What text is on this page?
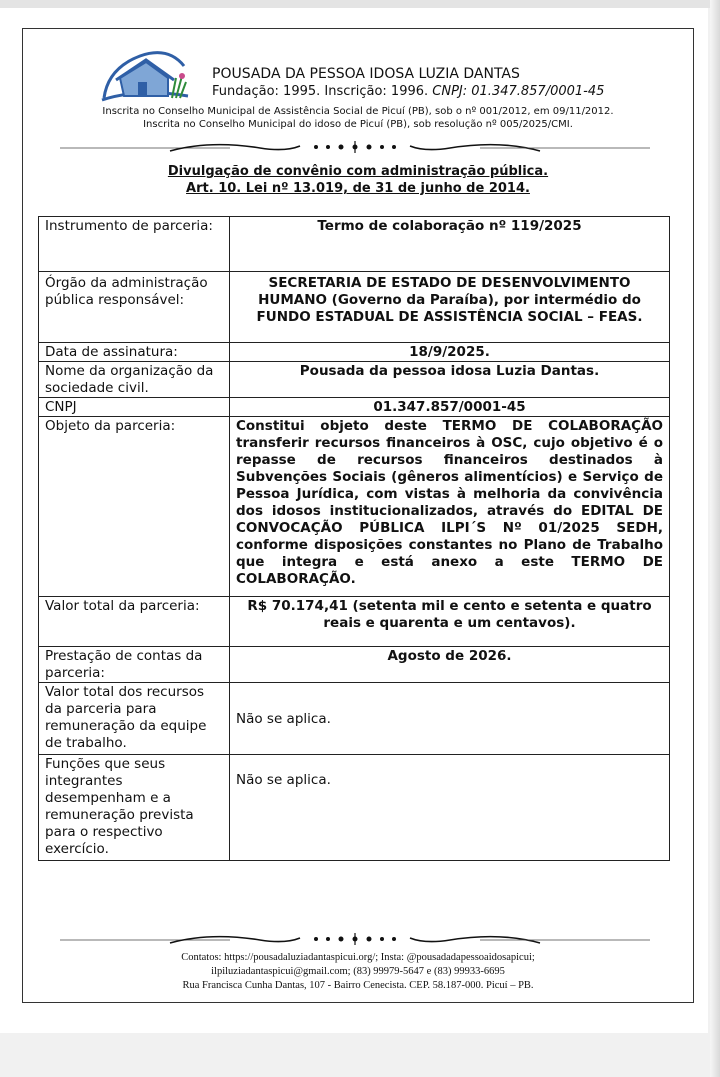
POUSADA DA PESSOA IDOSA LUZIA DANTAS
Fundação: 1995. Inscrição: 1996. CNPJ: 01.347.857/0001-45
Inscrita no Conselho Municipal de Assistência Social de Picuí (PB), sob o nº 001/2012, em 09/11/2012.
Inscrita no Conselho Municipal do idoso de Picuí (PB), sob resolução nº 005/2025/CMI.
Divulgação de convênio com administração pública.
Art. 10. Lei nº 13.019, de 31 de junho de 2014.
Instrumento de parceria:	Termo de colaboração nº 119/2025
Órgão da administração pública responsável:	SECRETARIA DE ESTADO DE DESENVOLVIMENTO HUMANO (Governo da Paraíba), por intermédio do FUNDO ESTADUAL DE ASSISTÊNCIA SOCIAL – FEAS.
Data de assinatura:	18/9/2025.
Nome da organização da sociedade civil.	Pousada da pessoa idosa Luzia Dantas.
CNPJ	01.347.857/0001-45
Objeto da parceria:	Constitui objeto deste TERMO DE COLABORAÇÃO transferir recursos financeiros à OSC, cujo objetivo é o repasse de recursos financeiros destinados à Subvenções Sociais (gêneros alimentícios) e Serviço de Pessoa Jurídica, com vistas à melhoria da convivência dos idosos institucionalizados, através do EDITAL DE CONVOCAÇÃO PÚBLICA ILPI´S Nº 01/2025 SEDH, conforme disposições constantes no Plano de Trabalho que integra e está anexo a este TERMO DE COLABORAÇÃO.
Valor total da parceria:	R$ 70.174,41 (setenta mil e cento e setenta e quatro reais e quarenta e um centavos).
Prestação de contas da parceria:	Agosto de 2026.
Valor total dos recursos da parceria para remuneração da equipe de trabalho.	Não se aplica.
Funções que seus integrantes desempenham e a remuneração prevista para o respectivo exercício.	Não se aplica.
Contatos: https://pousadaluziadantaspicui.org/; Insta: @pousadadapessoaidosapicui;
ilpiluziadantaspicui@gmail.com; (83) 99979-5647 e (83) 99933-6695
Rua Francisca Cunha Dantas, 107 - Bairro Cenecista. CEP. 58.187-000. Picuí – PB.
